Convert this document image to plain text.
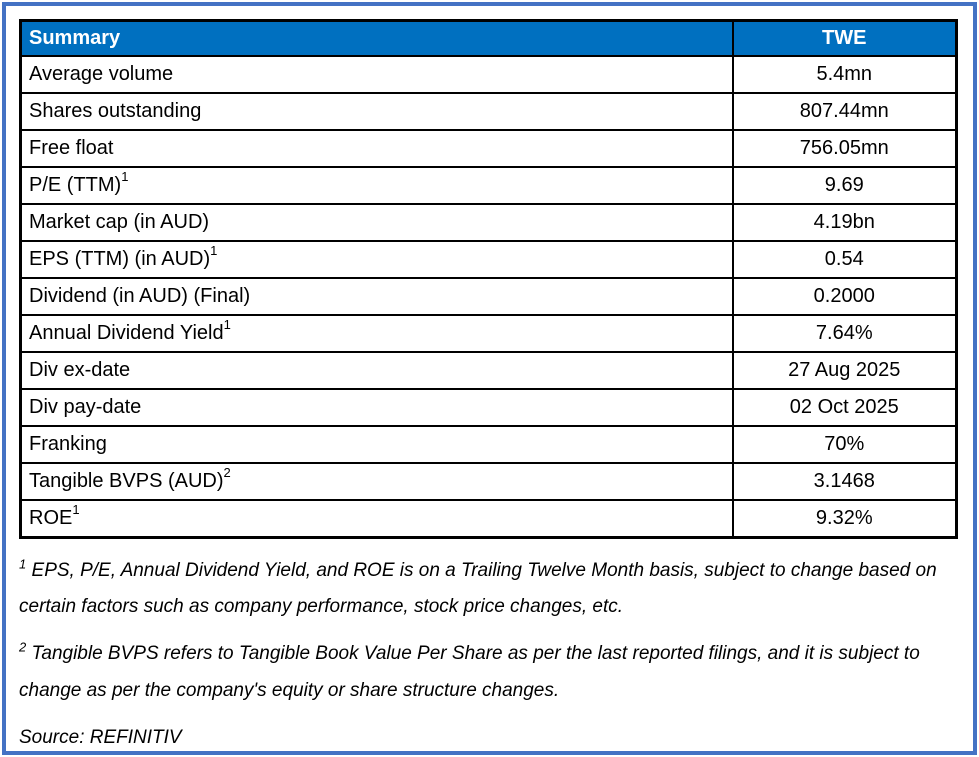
Summary	TWE
Average volume	5.4mn
Shares outstanding	807.44mn
Free float	756.05mn
P/E (TTM)$^1$	9.69
Market cap (in AUD)	4.19bn
EPS (TTM) (in AUD)$^1$	0.54
Dividend (in AUD) (Final)	0.2000
Annual Dividend Yield$^1$	7.64%
Div ex-date	27 Aug 2025
Div pay-date	02 Oct 2025
Franking	70%
Tangible BVPS (AUD)$^2$	3.1468
ROE$^1$	9.32%

$^1$ EPS, P/E, Annual Dividend Yield, and ROE is on a Trailing Twelve Month basis, subject to change based on certain factors such as company performance, stock price changes, etc.

$^2$ Tangible BVPS refers to Tangible Book Value Per Share as per the last reported filings, and it is subject to change as per the company's equity or share structure changes.

Source: REFINITIV
